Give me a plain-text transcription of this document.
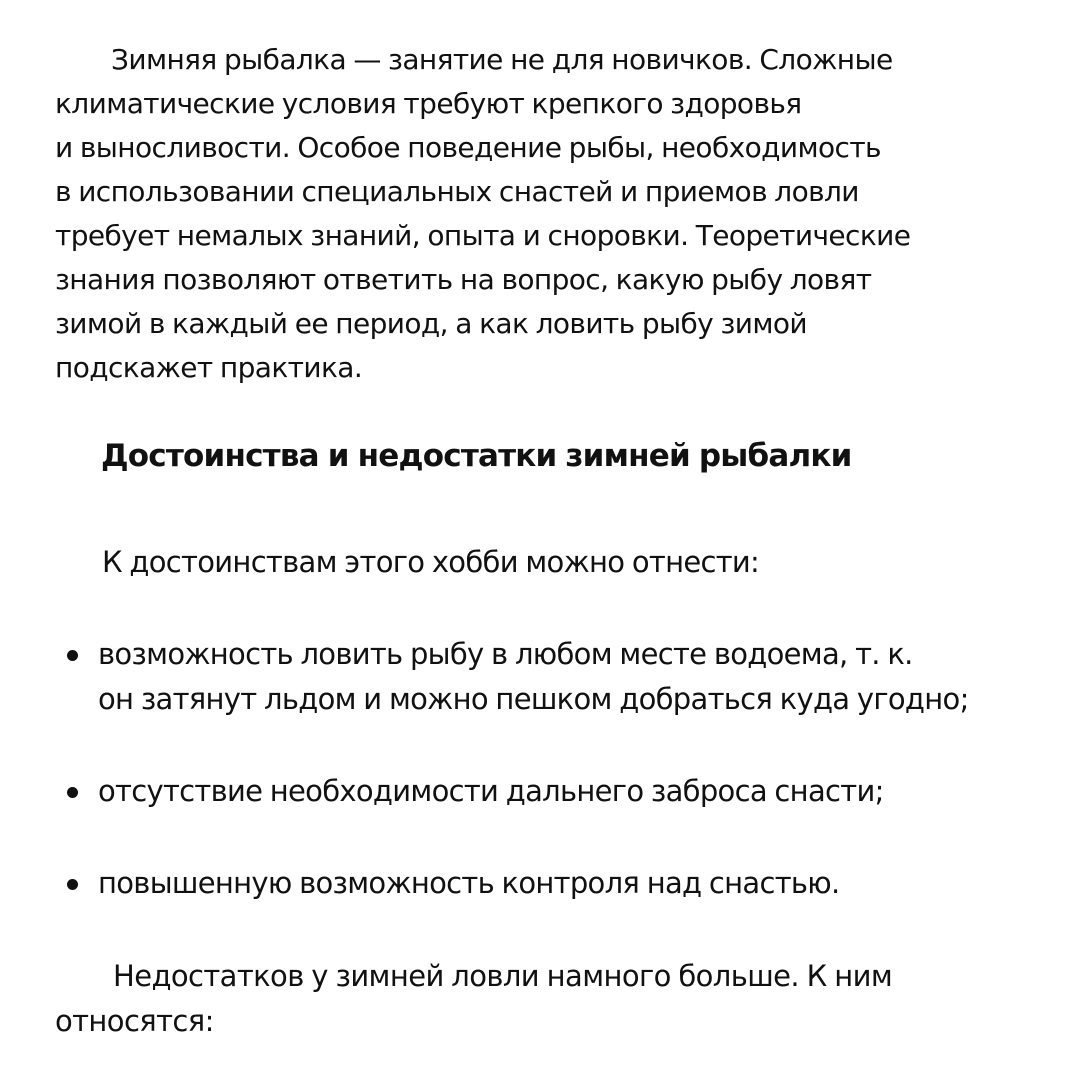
Зимняя рыбалка — занятие не для новичков. Сложные
климатические условия требуют крепкого здоровья
и выносливости. Особое поведение рыбы, необходимость
в использовании специальных снастей и приемов ловли
требует немалых знаний, опыта и сноровки. Теоретические
знания позволяют ответить на вопрос, какую рыбу ловят
зимой в каждый ее период, а как ловить рыбу зимой
подскажет практика.

Достоинства и недостатки зимней рыбалки

К достоинствам этого хобби можно отнести:

возможность ловить рыбу в любом месте водоема, т. к.
он затянут льдом и можно пешком добраться куда угодно;
отсутствие необходимости дальнего заброса снасти;
повышенную возможность контроля над снастью.

Недостатков у зимней ловли намного больше. К ним
относятся:
